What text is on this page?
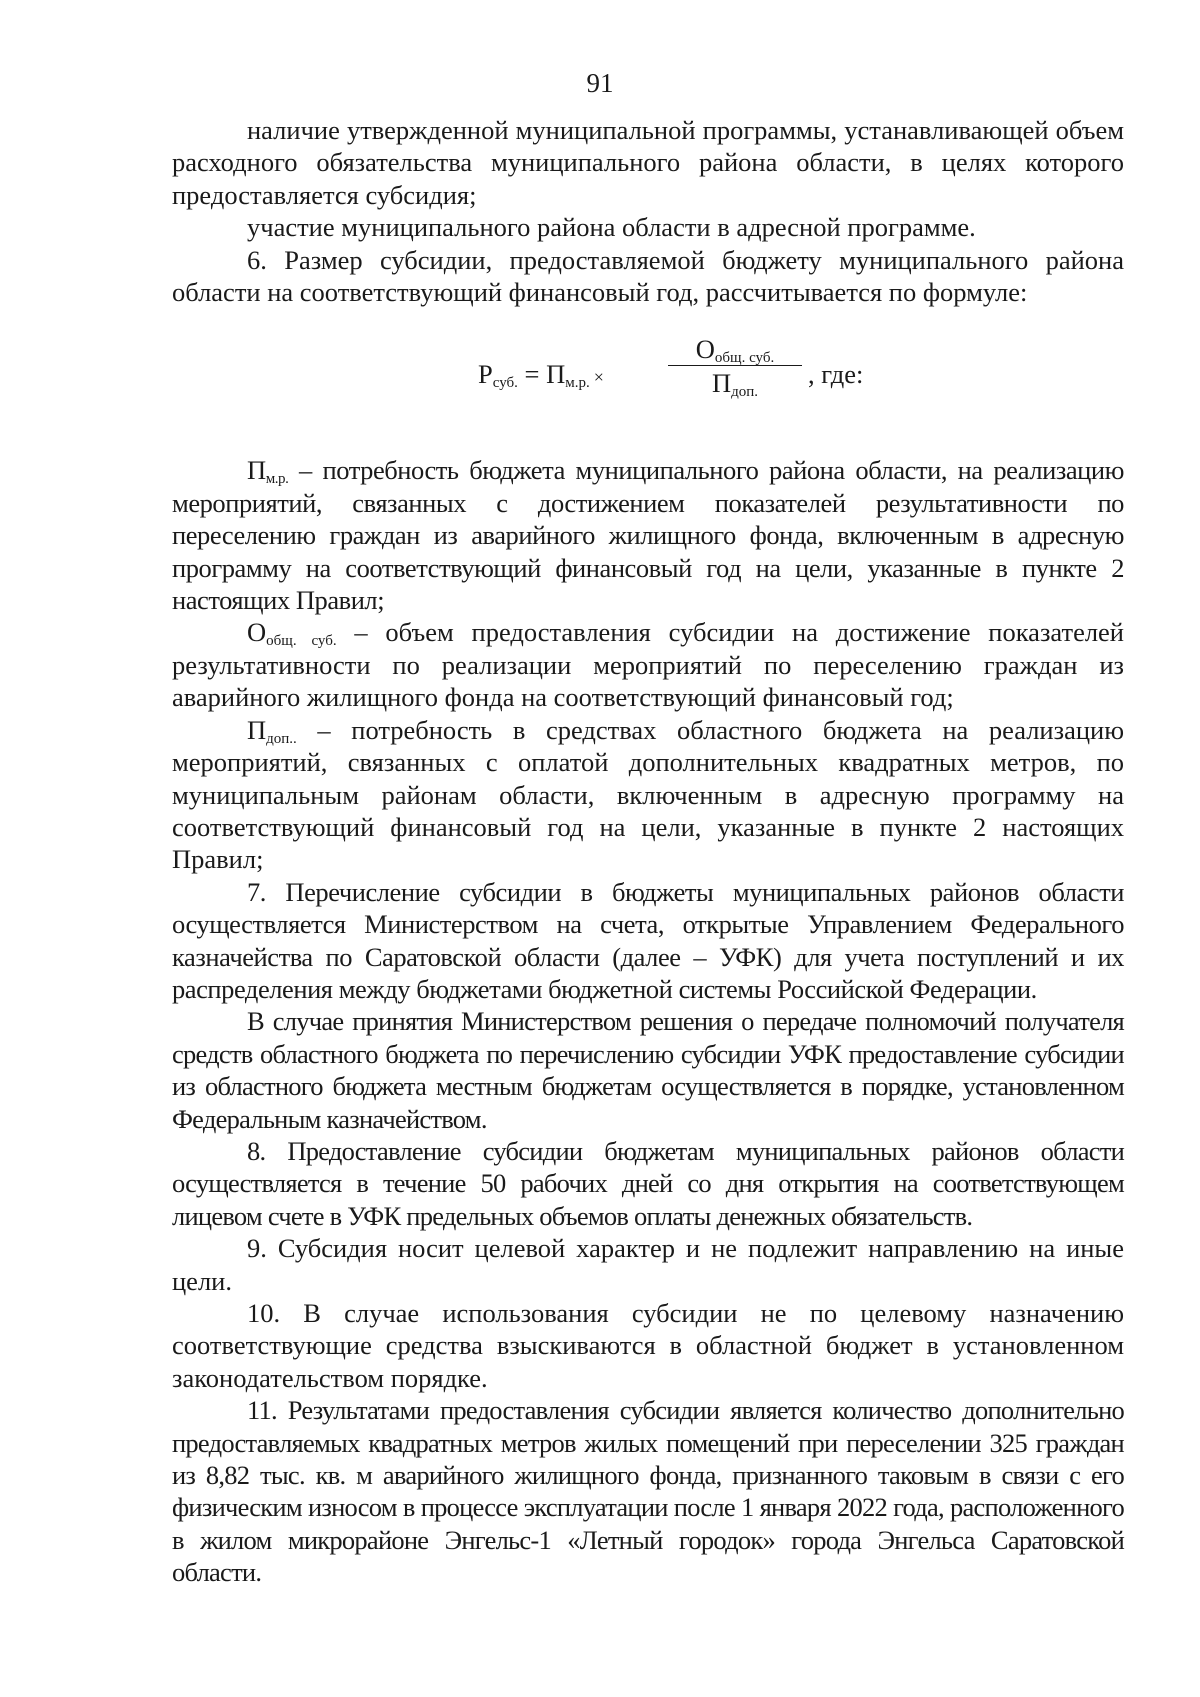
91

наличие утвержденной муниципальной программы, устанавливающей объем расходного обязательства муниципального района области, в целях которого предоставляется субсидия;

участие муниципального района области в адресной программе.

6. Размер субсидии, предоставляемой бюджету муниципального района области на соответствующий финансовый год, рассчитывается по формуле:

$Р_{суб.} = П_{м.р.}$ ×
$О_{общ. суб.}$
$П_{доп.}$
, где:

$П_{м.р.}$ – потребность бюджета муниципального района области, на реализацию мероприятий, связанных с достижением показателей результативности по переселению граждан из аварийного жилищного фонда, включенным в адресную программу на соответствующий финансовый год на цели, указанные в пункте 2 настоящих Правил;

$О_{общ. суб.}$ – объем предоставления субсидии на достижение показателей результативности по реализации мероприятий по переселению граждан из аварийного жилищного фонда на соответствующий финансовый год;

$П_{доп..}$ – потребность в средствах областного бюджета на реализацию мероприятий, связанных с оплатой дополнительных квадратных метров, по муниципальным районам области, включенным в адресную программу на соответствующий финансовый год на цели, указанные в пункте 2 настоящих Правил;

7. Перечисление субсидии в бюджеты муниципальных районов области осуществляется Министерством на счета, открытые Управлением Федерального казначейства по Саратовской области (далее – УФК) для учета поступлений и их распределения между бюджетами бюджетной системы Российской Федерации.

В случае принятия Министерством решения о передаче полномочий получателя средств областного бюджета по перечислению субсидии УФК предоставление субсидии из областного бюджета местным бюджетам осуществляется в порядке, установленном Федеральным казначейством.

8. Предоставление субсидии бюджетам муниципальных районов области осуществляется в течение 50 рабочих дней со дня открытия на соответствующем лицевом счете в УФК предельных объемов оплаты денежных обязательств.

9. Субсидия носит целевой характер и не подлежит направлению на иные цели.

10. В случае использования субсидии не по целевому назначению соответствующие средства взыскиваются в областной бюджет в установленном законодательством порядке.

11. Результатами предоставления субсидии является количество дополнительно предоставляемых квадратных метров жилых помещений при переселении 325 граждан из 8,82 тыс. кв. м аварийного жилищного фонда, признанного таковым в связи с его физическим износом в процессе эксплуатации после 1 января 2022 года, расположенного в жилом микрорайоне Энгельс-1 «Летный городок» города Энгельса Саратовской области.
